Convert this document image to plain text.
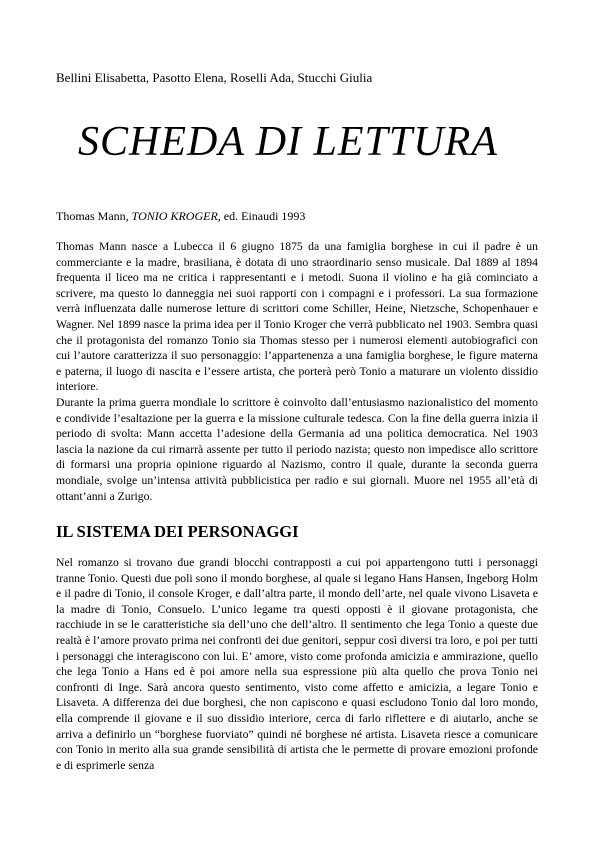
Bellini Elisabetta, Pasotto Elena, Roselli Ada, Stucchi Giulia
SCHEDA DI LETTURA
Thomas Mann, TONIO KROGER, ed. Einaudi 1993

Thomas Mann nasce a Lubecca il 6 giugno 1875 da una famiglia borghese in cui il padre è un commerciante e la madre, brasiliana, è dotata di uno straordinario senso musicale. Dal 1889 al 1894 frequenta il liceo ma ne critica i rappresentanti e i metodi. Suona il violino e ha già cominciato a scrivere, ma questo lo danneggia nei suoi rapporti con i compagni e i professori. La sua formazione verrà influenzata dalle numerose letture di scrittori come Schiller, Heine, Nietzsche, Schopenhauer e Wagner. Nel 1899 nasce la prima idea per il Tonio Kroger che verrà pubblicato nel 1903. Sembra quasi che il protagonista del romanzo Tonio sia Thomas stesso per i numerosi elementi autobiografici con cui l’autore caratterizza il suo personaggio: l’appartenenza a una famiglia borghese, le figure materna e paterna, il luogo di nascita e l’essere artista, che porterà però Tonio a maturare un violento dissidio interiore.

Durante la prima guerra mondiale lo scrittore è coinvolto dall’entusiasmo nazionalistico del momento e condivide l’esaltazione per la guerra e la missione culturale tedesca. Con la fine della guerra inizia il periodo di svolta: Mann accetta l’adesione della Germania ad una politica democratica. Nel 1903 lascia la nazione da cui rimarrà assente per tutto il periodo nazista; questo non impedisce allo scrittore di formarsi una propria opinione riguardo al Nazismo, contro il quale, durante la seconda guerra mondiale, svolge un’intensa attività pubblicistica per radio e sui giornali. Muore nel 1955 all’età di ottant’anni a Zurigo.

IL SISTEMA DEI PERSONAGGI

Nel romanzo si trovano due grandi blocchi contrapposti a cui poi appartengono tutti i personaggi tranne Tonio. Questi due poli sono il mondo borghese, al quale si legano Hans Hansen, Ingeborg Holm e il padre di Tonio, il console Kroger, e dall’altra parte, il mondo dell’arte, nel quale vivono Lisaveta e la madre di Tonio, Consuelo. L’unico legame tra questi opposti è il giovane protagonista, che racchiude in se le caratteristiche sia dell’uno che dell’altro. Il sentimento che lega Tonio a queste due realtà è l’amore provato prima nei confronti dei due genitori, seppur così diversi tra loro, e poi per tutti i personaggi che interagiscono con lui. E’ amore, visto come profonda amicizia e ammirazione, quello che lega Tonio a Hans ed è poi amore nella sua espressione più alta quello che prova Tonio nei confronti di Inge. Sarà ancora questo sentimento, visto come affetto e amicizia, a legare Tonio e Lisaveta. A differenza dei due borghesi, che non capiscono e quasi escludono Tonio dal loro mondo, ella comprende il giovane e il suo dissidio interiore, cerca di farlo riflettere e di aiutarlo, anche se arriva a definirlo un “borghese fuorviato” quindi né borghese né artista. Lisaveta riesce a comunicare con Tonio in merito alla sua grande sensibilità di artista che le permette di provare emozioni profonde e di esprimerle senza
